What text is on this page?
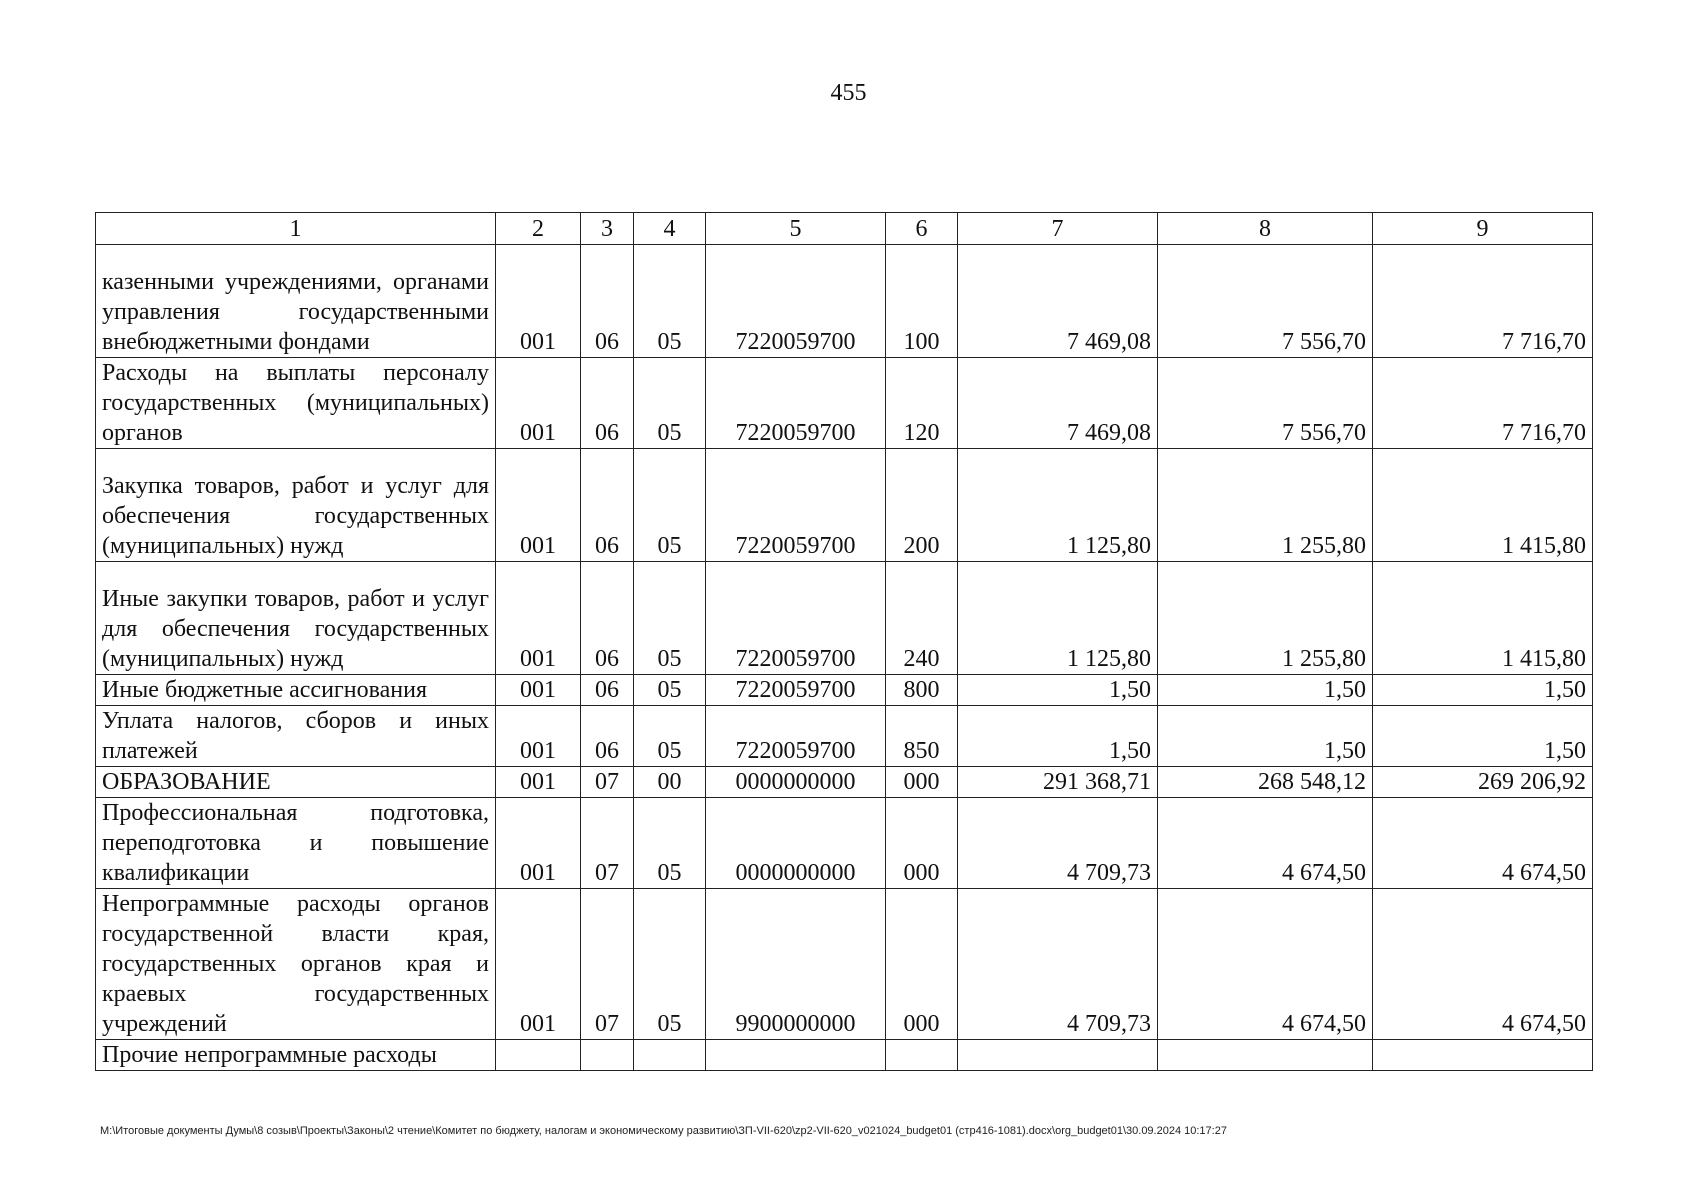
455
1	2	3	4	5	6	7	8	9
казенными учреждениями, органами управления государственными внебюджетными фондами	001	06	05	7220059700	100	7 469,08	7 556,70	7 716,70
Расходы на выплаты персоналу государственных (муниципальных) органов	001	06	05	7220059700	120	7 469,08	7 556,70	7 716,70
Закупка товаров, работ и услуг для обеспечения государственных (муниципальных) нужд	001	06	05	7220059700	200	1 125,80	1 255,80	1 415,80
Иные закупки товаров, работ и услуг для обеспечения государственных (муниципальных) нужд	001	06	05	7220059700	240	1 125,80	1 255,80	1 415,80
Иные бюджетные ассигнования	001	06	05	7220059700	800	1,50	1,50	1,50
Уплата налогов, сборов и иных платежей	001	06	05	7220059700	850	1,50	1,50	1,50
ОБРАЗОВАНИЕ	001	07	00	0000000000	000	291 368,71	268 548,12	269 206,92
Профессиональная подготовка, переподготовка и повышение квалификации	001	07	05	0000000000	000	4 709,73	4 674,50	4 674,50
Непрограммные расходы органов государственной власти края, государственных органов края и краевых государственных учреждений	001	07	05	9900000000	000	4 709,73	4 674,50	4 674,50
Прочие непрограммные расходы								
M:\Итоговые документы Думы\8 созыв\Проекты\Законы\2 чтение\Комитет по бюджету, налогам и экономическому развитию\ЗП-VII-620\zp2-VII-620_v021024_budget01 (стр416-1081).docx\org_budget01\30.09.2024 10:17:27
